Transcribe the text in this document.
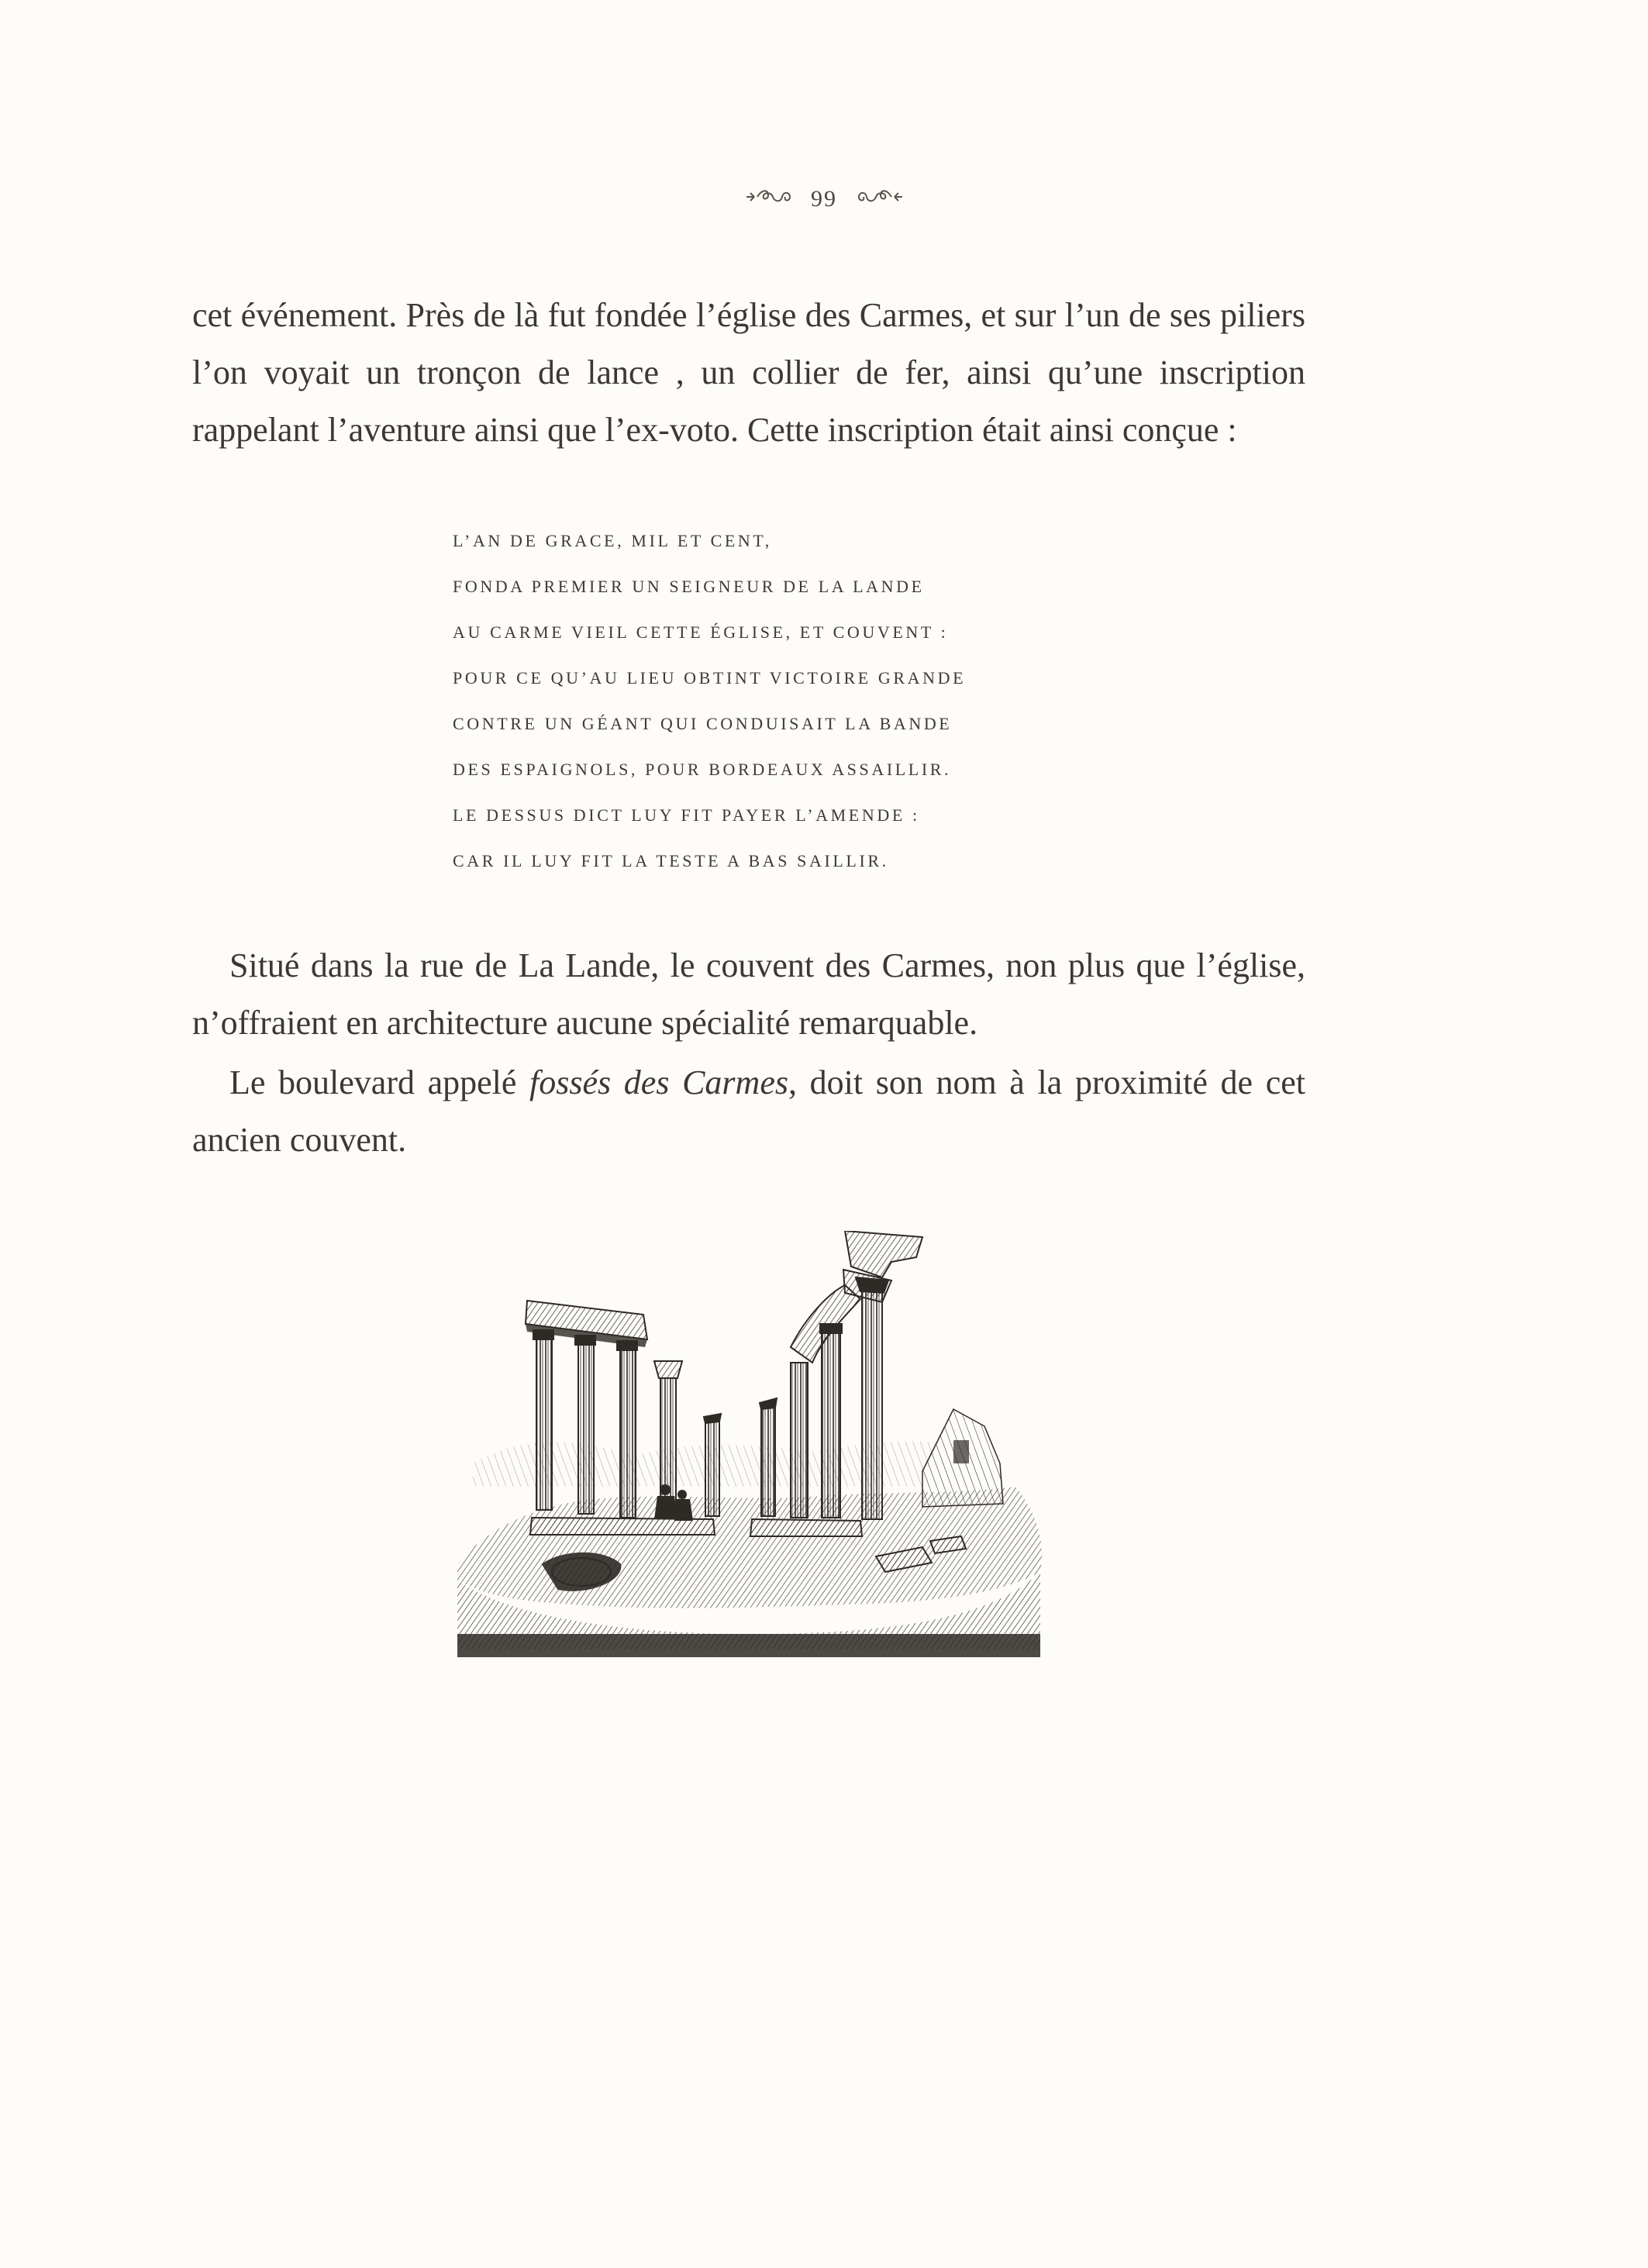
99

cet événement. Près de là fut fondée l’église des Carmes, et sur l’un de ses piliers l’on voyait un tronçon de lance , un collier de fer, ainsi qu’une inscription rappelant l’aventure ainsi que l’ex-voto. Cette inscription était ainsi conçue :

L’AN DE GRACE, MIL ET CENT,
FONDA PREMIER UN SEIGNEUR DE LA LANDE
AU CARME VIEIL CETTE ÉGLISE, ET COUVENT :
POUR CE QU’AU LIEU OBTINT VICTOIRE GRANDE
CONTRE UN GÉANT QUI CONDUISAIT LA BANDE
DES ESPAIGNOLS, POUR BORDEAUX ASSAILLIR.
LE DESSUS DICT LUY FIT PAYER L’AMENDE :
CAR IL LUY FIT LA TESTE A BAS SAILLIR.

Situé dans la rue de La Lande, le couvent des Carmes, non plus que l’église, n’offraient en architecture aucune spécialité remarquable.

Le boulevard appelé fossés des Carmes, doit son nom à la proximité de cet ancien couvent.
